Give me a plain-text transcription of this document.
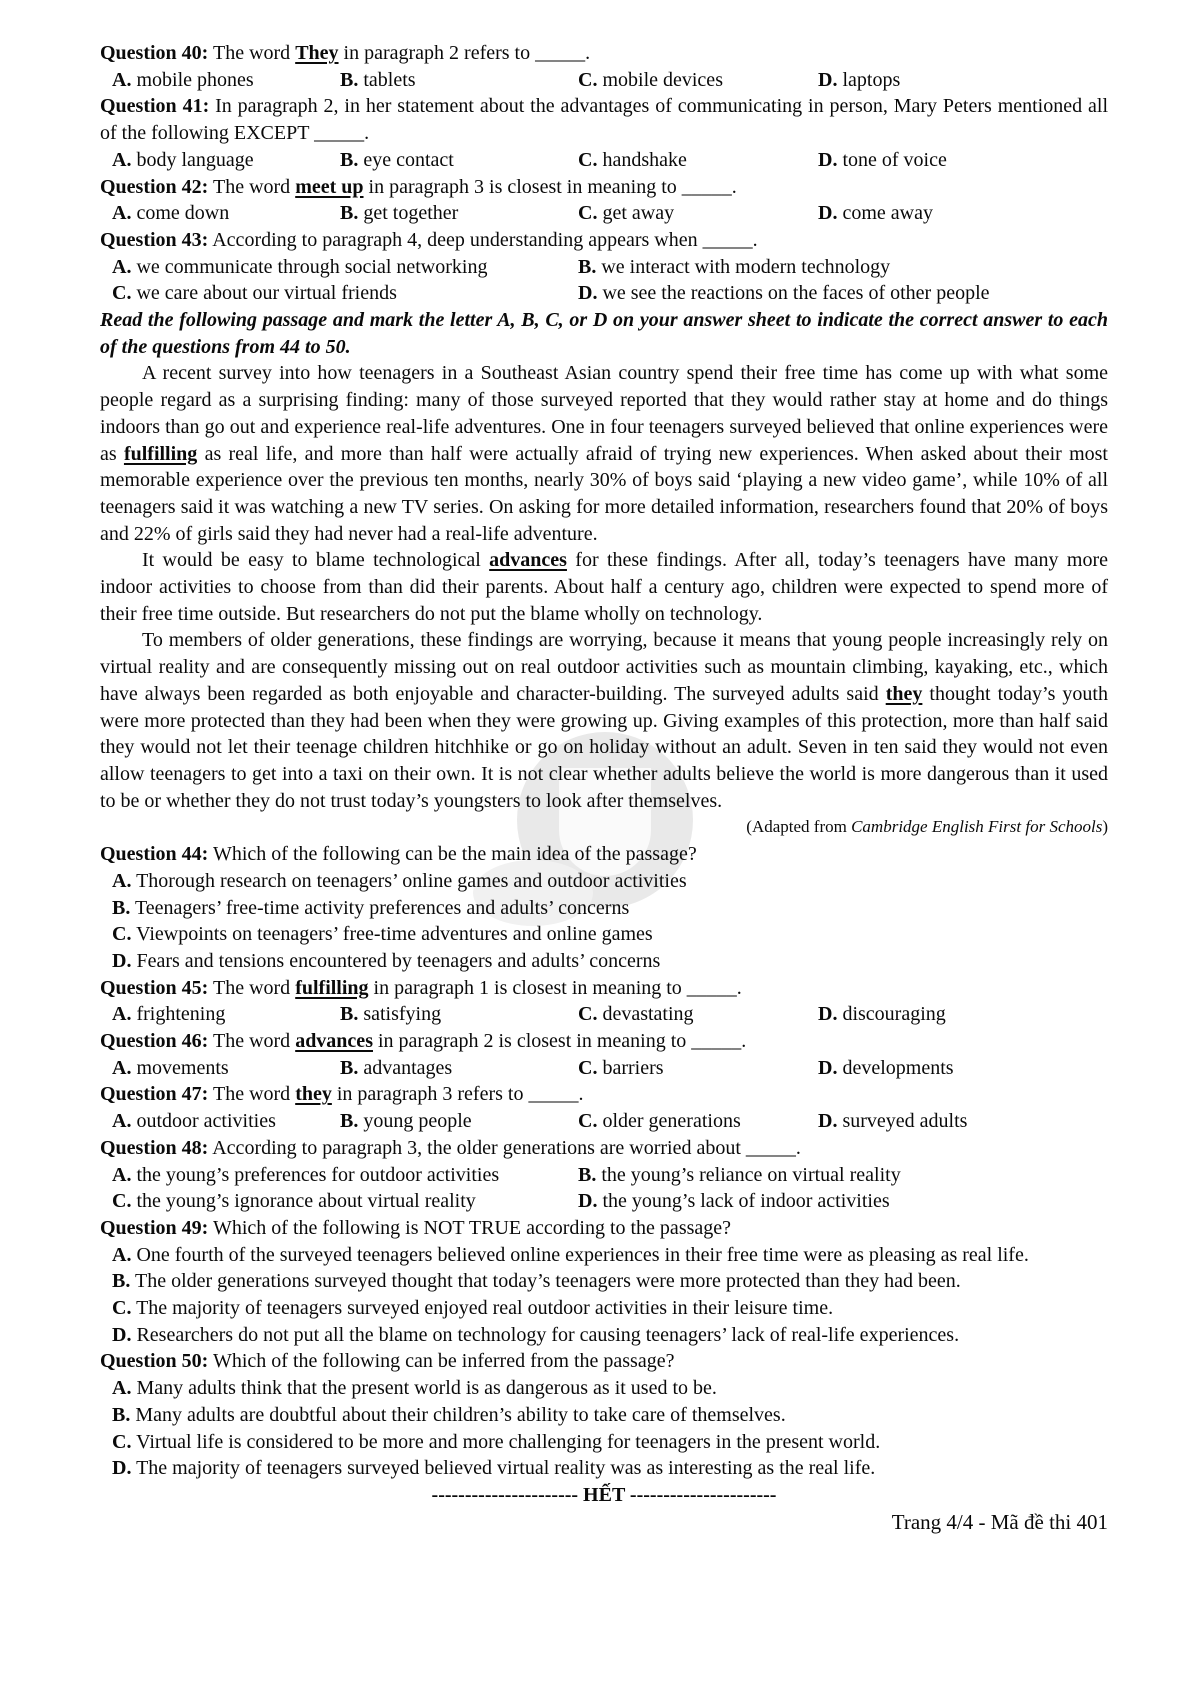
Question 40: The word They in paragraph 2 refers to _____.
A. mobile phones	B. tablets	C. mobile devices	D. laptops
Question 41: In paragraph 2, in her statement about the advantages of communicating in person, Mary Peters mentioned all of the following EXCEPT _____.
A. body language	B. eye contact	C. handshake	D. tone of voice
Question 42: The word meet up in paragraph 3 is closest in meaning to _____.
A. come down	B. get together	C. get away	D. come away
Question 43: According to paragraph 4, deep understanding appears when _____.
A. we communicate through social networking	B. we interact with modern technology
C. we care about our virtual friends	D. we see the reactions on the faces of other people
Read the following passage and mark the letter A, B, C, or D on your answer sheet to indicate the correct answer to each of the questions from 44 to 50.
A recent survey into how teenagers in a Southeast Asian country spend their free time has come up with what some people regard as a surprising finding: many of those surveyed reported that they would rather stay at home and do things indoors than go out and experience real-life adventures. One in four teenagers surveyed believed that online experiences were as fulfilling as real life, and more than half were actually afraid of trying new experiences. When asked about their most memorable experience over the previous ten months, nearly 30% of boys said ‘playing a new video game’, while 10% of all teenagers said it was watching a new TV series. On asking for more detailed information, researchers found that 20% of boys and 22% of girls said they had never had a real-life adventure.
It would be easy to blame technological advances for these findings. After all, today’s teenagers have many more indoor activities to choose from than did their parents. About half a century ago, children were expected to spend more of their free time outside. But researchers do not put the blame wholly on technology.
To members of older generations, these findings are worrying, because it means that young people increasingly rely on virtual reality and are consequently missing out on real outdoor activities such as mountain climbing, kayaking, etc., which have always been regarded as both enjoyable and character-building. The surveyed adults said they thought today’s youth were more protected than they had been when they were growing up. Giving examples of this protection, more than half said they would not let their teenage children hitchhike or go on holiday without an adult. Seven in ten said they would not even allow teenagers to get into a taxi on their own. It is not clear whether adults believe the world is more dangerous than it used to be or whether they do not trust today’s youngsters to look after themselves.
(Adapted from Cambridge English First for Schools)
Question 44: Which of the following can be the main idea of the passage?
A. Thorough research on teenagers’ online games and outdoor activities
B. Teenagers’ free-time activity preferences and adults’ concerns
C. Viewpoints on teenagers’ free-time adventures and online games
D. Fears and tensions encountered by teenagers and adults’ concerns
Question 45: The word fulfilling in paragraph 1 is closest in meaning to _____.
A. frightening	B. satisfying	C. devastating	D. discouraging
Question 46: The word advances in paragraph 2 is closest in meaning to _____.
A. movements	B. advantages	C. barriers	D. developments
Question 47: The word they in paragraph 3 refers to _____.
A. outdoor activities	B. young people	C. older generations	D. surveyed adults
Question 48: According to paragraph 3, the older generations are worried about _____.
A. the young’s preferences for outdoor activities	B. the young’s reliance on virtual reality
C. the young’s ignorance about virtual reality	D. the young’s lack of indoor activities
Question 49: Which of the following is NOT TRUE according to the passage?
A. One fourth of the surveyed teenagers believed online experiences in their free time were as pleasing as real life.
B. The older generations surveyed thought that today’s teenagers were more protected than they had been.
C. The majority of teenagers surveyed enjoyed real outdoor activities in their leisure time.
D. Researchers do not put all the blame on technology for causing teenagers’ lack of real-life experiences.
Question 50: Which of the following can be inferred from the passage?
A. Many adults think that the present world is as dangerous as it used to be.
B. Many adults are doubtful about their children’s ability to take care of themselves.
C. Virtual life is considered to be more and more challenging for teenagers in the present world.
D. The majority of teenagers surveyed believed virtual reality was as interesting as the real life.
---------------------- HẾT ----------------------
Trang 4/4 - Mã đề thi 401
